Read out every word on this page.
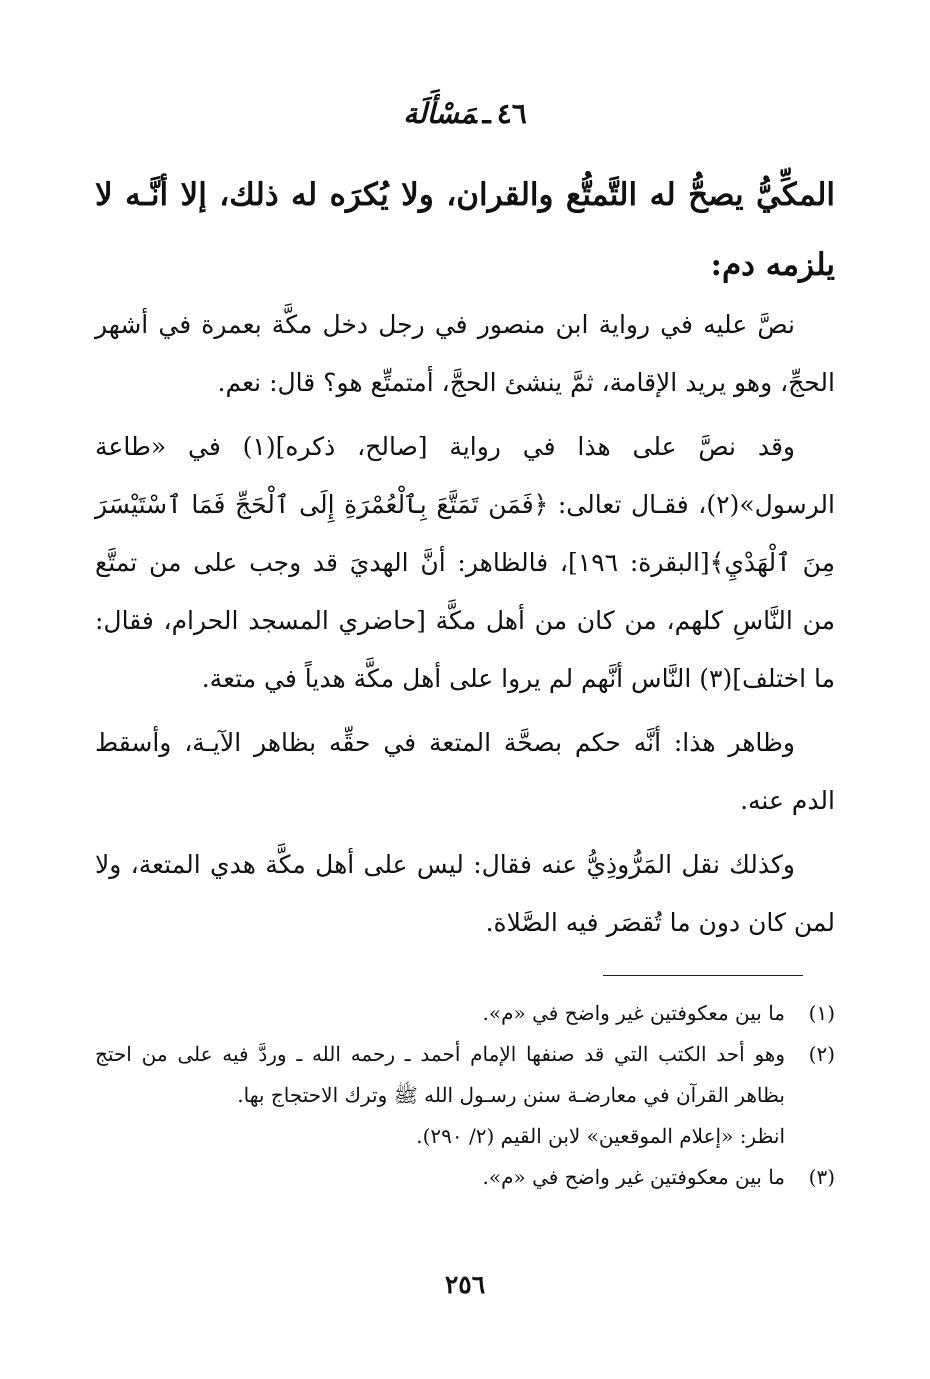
٤٦ـمَسْأَلَة
المكِّيُّ يصحُّ له التَّمتُّع والقران، ولا يُكرَه له ذلك، إلا أنَّـه لا يلزمه دم:

نصَّ عليه في رواية ابن منصور في رجل دخل مكَّة بعمرة في أشهر الحجِّ، وهو يريد الإقامة، ثمَّ ينشئ الحجَّ، أمتمتِّع هو؟ قال: نعم.

وقد نصَّ على هذا في رواية [صالح، ذكره](١) في «طاعة الرسول»(٢)، فقـال تعالى: ﴿فَمَن تَمَتَّعَ بِٱلْعُمْرَةِ إِلَى ٱلْحَجِّ فَمَا ٱسْتَيْسَرَ مِنَ ٱلْهَدْيِ﴾[البقرة: ١٩٦]، فالظاهر: أنَّ الهديَ قد وجب على من تمتَّع من النَّاسِ كلهم، من كان من أهل مكَّة [حاضري المسجد الحرام، فقال: ما اختلف](٣) النَّاس أنَّهم لم يروا على أهل مكَّة هدياً في متعة.

وظاهر هذا: أنَّه حكم بصحَّة المتعة في حقِّه بظاهر الآيـة، وأسقط الدم عنه.

وكذلك نقل المَرُّوذِيُّ عنه فقال: ليس على أهل مكَّة هدي المتعة، ولا لمن كان دون ما تُقصَر فيه الصَّلاة.

(١)
ما بين معكوفتين غير واضح في «م».
(٢)
وهو أحد الكتب التي قد صنفها الإمام أحمد ـ رحمه الله ـ وردَّ فيه على من احتج بظاهر القرآن في معارضـة سنن رسـول الله ﷺ وترك الاحتجاج بها.
انظر: «إعلام الموقعين» لابن القيم (٢/ ٢٩٠).
(٣)
ما بين معكوفتين غير واضح في «م».
٢٥٦
